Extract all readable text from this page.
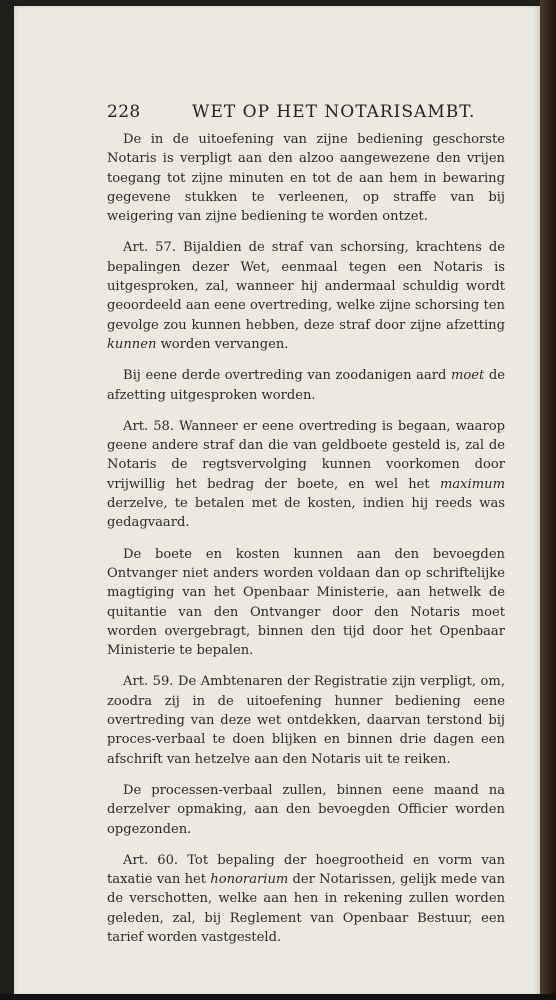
228	WET OP HET NOTARISAMBT.

De in de uitoefening van zijne bediening geschorste Notaris is verpligt aan den alzoo aangewezene den vrijen toegang tot zijne minuten en tot de aan hem in bewaring gegevene stukken te verleenen, op straffe van bij weigering van zijne bediening te worden ontzet.

Art. 57. Bijaldien de straf van schorsing, krachtens de bepalingen dezer Wet, eenmaal tegen een Notaris is uitgesproken, zal, wanneer hij andermaal schuldig wordt geoordeeld aan eene overtreding, welke zijne schorsing ten gevolge zou kunnen hebben, deze straf door zijne afzetting kunnen worden vervangen.

Bij eene derde overtreding van zoodanigen aard moet de afzetting uitgesproken worden.

Art. 58. Wanneer er eene overtreding is begaan, waarop geene andere straf dan die van geldboete gesteld is, zal de Notaris de regtsvervolging kunnen voorkomen door vrijwillig het bedrag der boete, en wel het maximum derzelve, te betalen met de kosten, indien hij reeds was gedagvaard.

De boete en kosten kunnen aan den bevoegden Ontvanger niet anders worden voldaan dan op schriftelijke magtiging van het Openbaar Ministerie, aan hetwelk de quitantie van den Ontvanger door den Notaris moet worden overgebragt, binnen den tijd door het Openbaar Ministerie te bepalen.

Art. 59. De Ambtenaren der Registratie zijn verpligt, om, zoodra zij in de uitoefening hunner bediening eene overtreding van deze wet ontdekken, daarvan terstond bij proces-verbaal te doen blijken en binnen drie dagen een afschrift van hetzelve aan den Notaris uit te reiken.

De processen-verbaal zullen, binnen eene maand na derzelver opmaking, aan den bevoegden Officier worden opgezonden.

Art. 60. Tot bepaling der hoegrootheid en vorm van taxatie van het honorarium der Notarissen, gelijk mede van de verschotten, welke aan hen in rekening zullen worden geleden, zal, bij Reglement van Openbaar Bestuur, een tarief worden vastgesteld.
